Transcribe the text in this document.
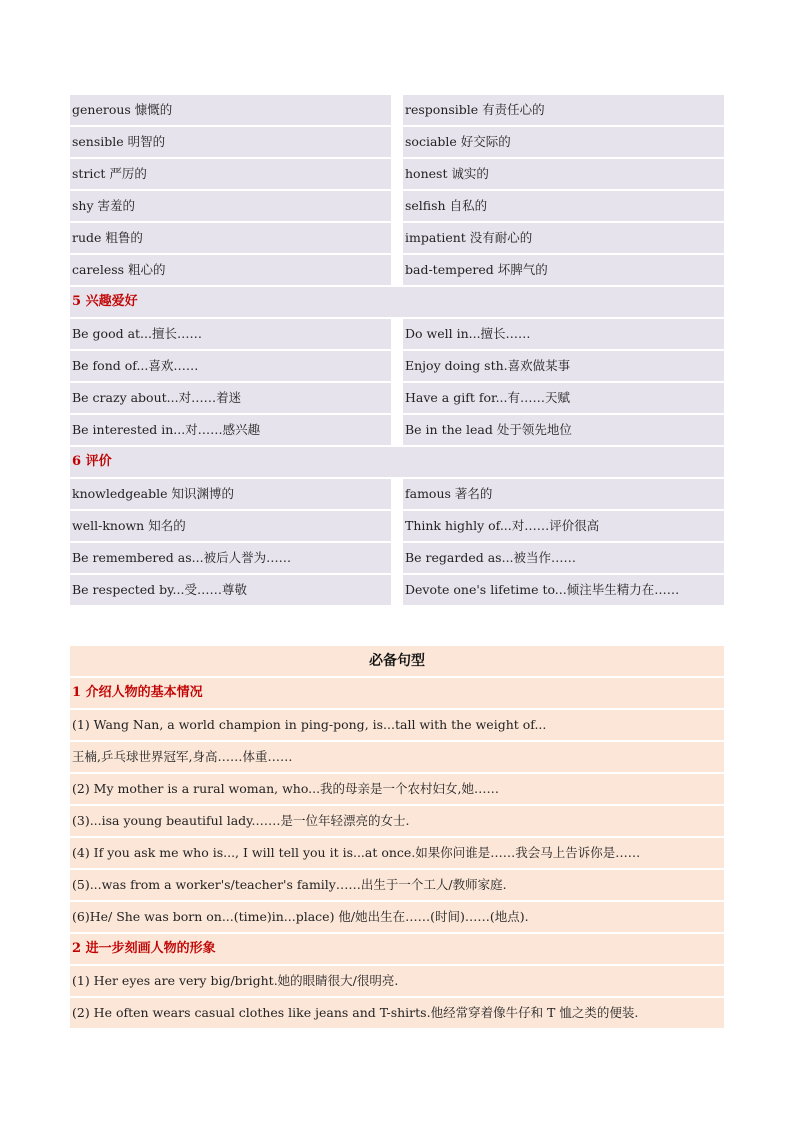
generous 慷慨的	responsible 有责任心的
sensible 明智的	sociable 好交际的
strict 严厉的	honest 诚实的
shy 害羞的	selfish 自私的
rude 粗鲁的	impatient 没有耐心的
careless 粗心的	bad-tempered 坏脾气的
5 兴趣爱好
Be good at...擅长……	Do well in...擅长……
Be fond of...喜欢……	Enjoy doing sth.喜欢做某事
Be crazy about...对……着迷	Have a gift for...有……天赋
Be interested in...对……感兴趣	Be in the lead 处于领先地位
6 评价
knowledgeable 知识渊博的	famous 著名的
well-known 知名的	Think highly of...对……评价很高
Be remembered as...被后人誉为……	Be regarded as...被当作……
Be respected by...受……尊敬	Devote one's lifetime to...倾注毕生精力在……
必备句型
1 介绍人物的基本情况
(1) Wang Nan, a world champion in ping-pong, is...tall with the weight of...
王楠,乒乓球世界冠军,身高……体重……
(2) My mother is a rural woman, who...我的母亲是一个农村妇女,她……
(3)...isa young beautiful lady.……是一位年轻漂亮的女士.
(4) If you ask me who is..., I will tell you it is...at once.如果你问谁是……我会马上告诉你是……
(5)...was from a worker's/teacher's family……出生于一个工人/教师家庭.
(6)He/ She was born on...(time)in...place) 他/她出生在……(时间)……(地点).
2 进一步刻画人物的形象
(1) Her eyes are very big/bright.她的眼睛很大/很明亮.
(2) He often wears casual clothes like jeans and T-shirts.他经常穿着像牛仔和 T 恤之类的便装.
